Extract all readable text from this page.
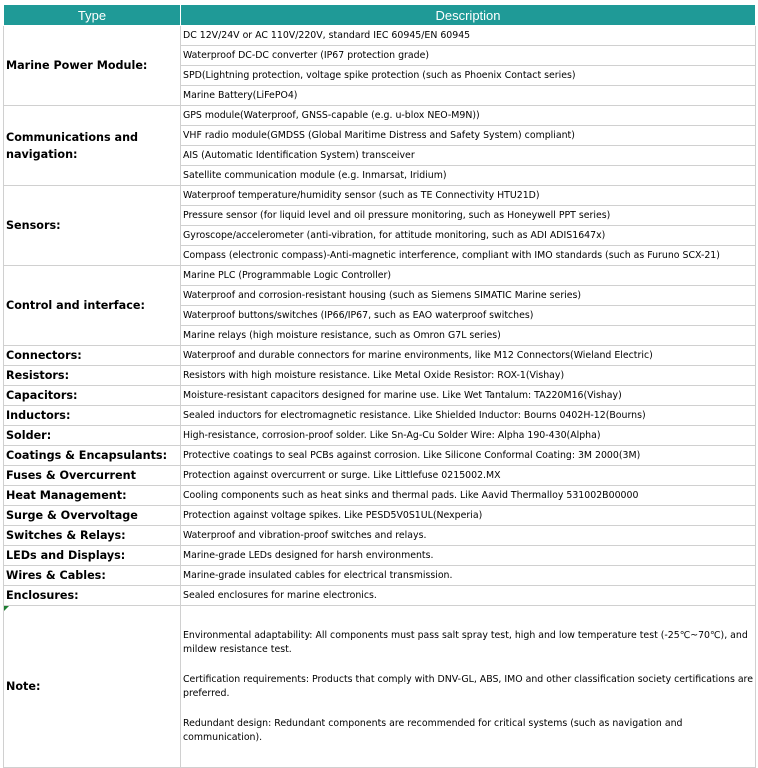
Type	Description
Marine Power Module:	DC 12V/24V or AC 110V/220V, standard IEC 60945/EN 60945
	Waterproof DC-DC converter (IP67 protection grade)
	SPD(Lightning protection, voltage spike protection (such as Phoenix Contact series)
	Marine Battery(LiFePO4)
Communications and navigation:	GPS module(Waterproof, GNSS-capable (e.g. u-blox NEO-M9N))
	VHF radio module(GMDSS (Global Maritime Distress and Safety System) compliant)
	AIS (Automatic Identification System) transceiver
	Satellite communication module (e.g. Inmarsat, Iridium)
Sensors:	Waterproof temperature/humidity sensor (such as TE Connectivity HTU21D)
	Pressure sensor (for liquid level and oil pressure monitoring, such as Honeywell PPT series)
	Gyroscope/accelerometer (anti-vibration, for attitude monitoring, such as ADI ADIS1647x)
	Compass (electronic compass)-Anti-magnetic interference, compliant with IMO standards (such as Furuno SCX-21)
Control and interface:	Marine PLC (Programmable Logic Controller)
	Waterproof and corrosion-resistant housing (such as Siemens SIMATIC Marine series)
	Waterproof buttons/switches (IP66/IP67, such as EAO waterproof switches)
	Marine relays (high moisture resistance, such as Omron G7L series)
Connectors:	Waterproof and durable connectors for marine environments, like M12 Connectors(Wieland Electric)
Resistors:	Resistors with high moisture resistance. Like Metal Oxide Resistor: ROX-1(Vishay)
Capacitors:	Moisture-resistant capacitors designed for marine use. Like Wet Tantalum: TA220M16(Vishay)
Inductors:	Sealed inductors for electromagnetic resistance. Like Shielded Inductor: Bourns 0402H-12(Bourns)
Solder:	High-resistance, corrosion-proof solder. Like Sn-Ag-Cu Solder Wire: Alpha 190-430(Alpha)
Coatings & Encapsulants:	Protective coatings to seal PCBs against corrosion. Like Silicone Conformal Coating: 3M 2000(3M)
Fuses & Overcurrent	Protection against overcurrent or surge. Like Littlefuse 0215002.MX
Heat Management:	Cooling components such as heat sinks and thermal pads. Like Aavid Thermalloy 531002B00000
Surge & Overvoltage	Protection against voltage spikes. Like PESD5V0S1UL(Nexperia)
Switches & Relays:	Waterproof and vibration-proof switches and relays.
LEDs and Displays:	Marine-grade LEDs designed for harsh environments.
Wires & Cables:	Marine-grade insulated cables for electrical transmission.
Enclosures:	Sealed enclosures for marine electronics.
Note:	Environmental adaptability: All components must pass salt spray test, high and low temperature test (-25℃~70℃), and mildew resistance test.

Certification requirements: Products that comply with DNV-GL, ABS, IMO and other classification society certifications are preferred.

Redundant design: Redundant components are recommended for critical systems (such as navigation and communication).
